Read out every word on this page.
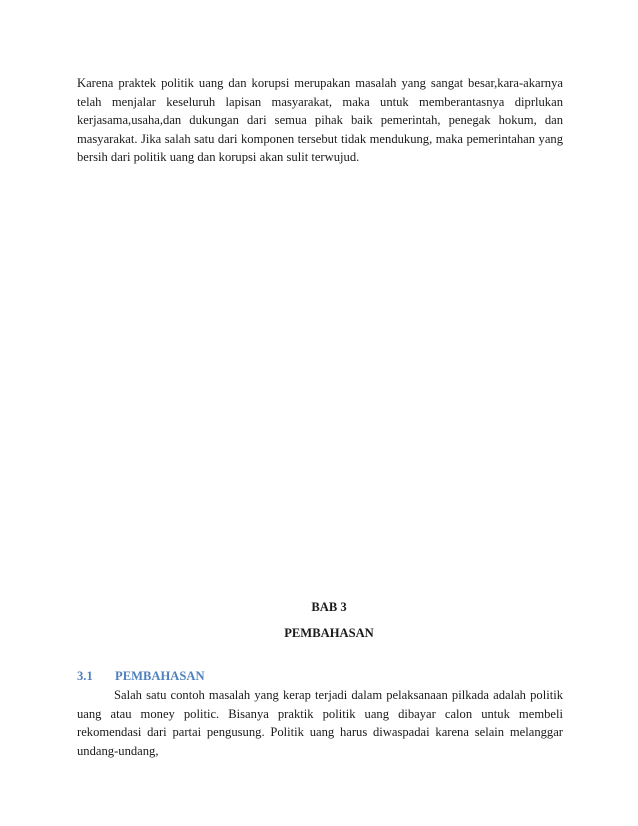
Karena praktek politik uang dan korupsi merupakan masalah yang sangat besar,kara-akarnya telah menjalar keseluruh lapisan masyarakat, maka untuk memberantasnya diprlukan kerjasama,usaha,dan dukungan dari semua pihak baik pemerintah, penegak hokum, dan masyarakat. Jika salah satu dari komponen tersebut tidak mendukung, maka pemerintahan yang bersih dari politik uang dan korupsi akan sulit terwujud.

BAB 3

PEMBAHASAN

3.1 PEMBAHASAN

Salah satu contoh masalah yang kerap terjadi dalam pelaksanaan pilkada adalah politik uang atau money politic. Bisanya praktik politik uang dibayar calon untuk membeli rekomendasi dari partai pengusung. Politik uang harus diwaspadai karena selain melanggar undang-undang,
